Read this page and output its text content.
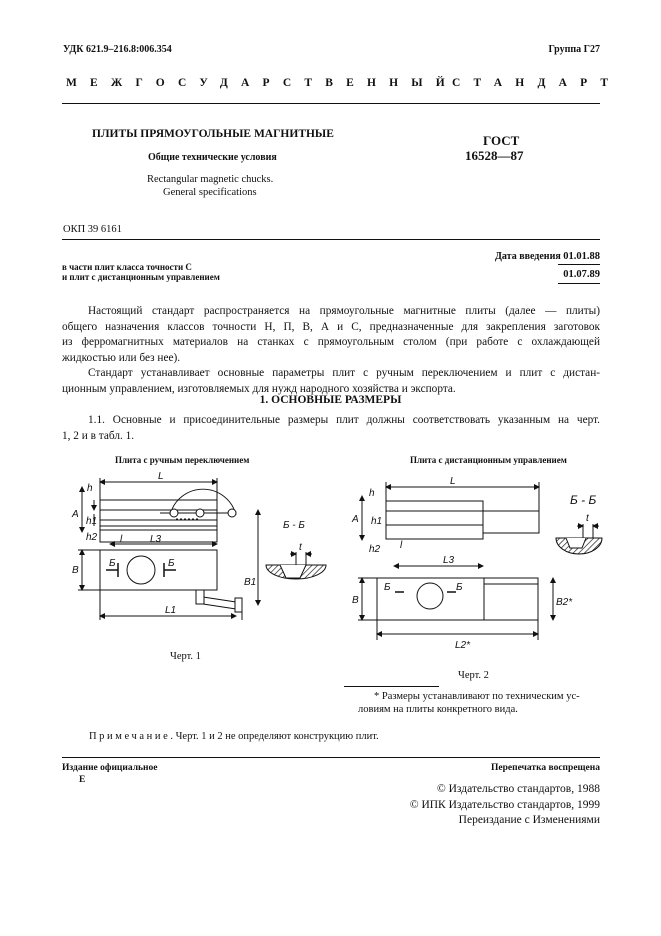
УДК 621.9–216.8:006.354	Группа Г27
МЕЖГОСУДАРСТВЕННЫЙ
СТАНДАРТ
ПЛИТЫ ПРЯМОУГОЛЬНЫЕ МАГНИТНЫЕ
Общие технические условия
Rectangular magnetic chucks.
General specifications
ГОСТ
16528—87
ОКП 39 6161
Дата введения 01.01.88
в части плит класса точности С
и плит с дистанционным управлением	01.07.89
Настоящий стандарт распространяется на прямоугольные магнитные плиты (далее — плиты)
общего назначения классов точности Н, П, В, А и С, предназначенные для закрепления заготовок
из ферромагнитных материалов на станках с прямоугольным столом (при работе с охлаждающей
жидкостью или без нее).
Стандарт устанавливает основные параметры плит с ручным переключением и плит с дистан-
ционным управлением, изготовляемых для нужд народного хозяйства и экспорта.
1. ОСНОВНЫЕ РАЗМЕРЫ
1.1. Основные и присоединительные размеры плит должны соответствовать указанным на черт.
1, 2 и в табл. 1.
Плита с ручным переключением	Плита с дистанционным управлением
L
L3
l
L1
A
h
h1
h2
B
B1
Б - Б
t
Б	Б
L
L3
l
L2*
A
h
h1
h2
B	B2*
Б - Б
t
Б	Б
Черт. 1
Черт. 2
* Размеры устанавливают по техническим ус-
ловиям на плиты конкретного вида.
Примечание. Черт. 1 и 2 не определяют конструкцию плит.
Издание официальное
Е
Перепечатка воспрещена
© Издательство стандартов, 1988
© ИПК Издательство стандартов, 1999
Переиздание с Изменениями
